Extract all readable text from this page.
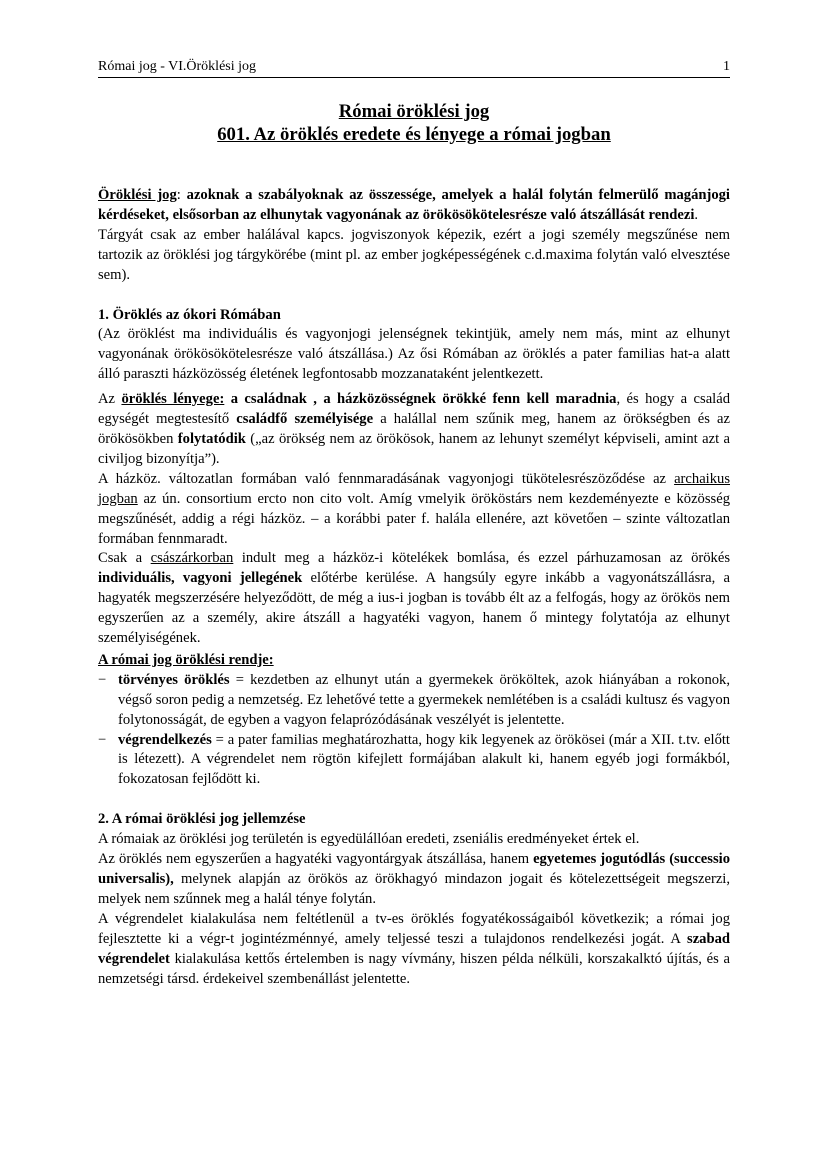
Római jog - VI.Öröklési jog	1
Római öröklési jog
601. Az öröklés eredete és lényege a római jogban

Öröklési jog: azoknak a szabályoknak az összessége, amelyek a halál folytán felmerülő magánjogi kérdéseket, elsősorban az elhunytak vagyonának az örökösökötelesrésze való átszállását rendezi.

Tárgyát csak az ember halálával kapcs. jogviszonyok képezik, ezért a jogi személy megszűnése nem tartozik az öröklési jog tárgykörébe (mint pl. az ember jogképességének c.d.maxima folytán való elvesztése sem).

1. Öröklés az ókori Rómában

(Az öröklést ma individuális és vagyonjogi jelenségnek tekintjük, amely nem más, mint az elhunyt vagyonának örökösökötelesrésze való átszállása.) Az ősi Rómában az öröklés a pater familias hat-a alatt álló paraszti házközösség életének legfontosabb mozzanataként jelentkezett.

Az öröklés lényege: a családnak , a házközösségnek örökké fenn kell maradnia, és hogy a család egységét megtestesítő családfő személyisége a halállal nem szűnik meg, hanem az örökségben és az örökösökben folytatódik („az örökség nem az örökösok, hanem az lehunyt személyt képviseli, amint azt a civiljog bizonyítja”).

A házköz. változatlan formában való fennmaradásának vagyonjogi tükötelesrészöződése az archaikus jogban az ún. consortium ercto non cito volt. Amíg vmelyik örököstárs nem kezdeményezte e közösség megszűnését, addig a régi házköz. – a korábbi pater f. halála ellenére, azt követően – szinte változatlan formában fennmaradt.

Csak a császárkorban indult meg a házköz-i kötelékek bomlása, és ezzel párhuzamosan az örökés individuális, vagyoni jellegének előtérbe kerülése. A hangsúly egyre inkább a vagyonátszállásra, a hagyaték megszerzésére helyeződött, de még a ius-i jogban is tovább élt az a felfogás, hogy az örökös nem egyszerűen az a személy, akire átszáll a hagyatéki vagyon, hanem ő mintegy folytatója az elhunyt személyiségének.

A római jog öröklési rendje:

− törvényes öröklés = kezdetben az elhunyt után a gyermekek örököltek, azok hiányában a rokonok, végső soron pedig a nemzetség. Ez lehetővé tette a gyermekek nemlétében is a családi kultusz és vagyon folytonosságát, de egyben a vagyon felaprózódásának veszélyét is jelentette.
− végrendelkezés = a pater familias meghatározhatta, hogy kik legyenek az örökösei (már a XII. t.tv. előtt is létezett). A végrendelet nem rögtön kifejlett formájában alakult ki, hanem egyéb jogi formákból, fokozatosan fejlődött ki.

2. A római öröklési jog jellemzése

A rómaiak az öröklési jog területén is egyedülállóan eredeti, zseniális eredményeket értek el.

Az öröklés nem egyszerűen a hagyatéki vagyontárgyak átszállása, hanem egyetemes jogutódlás (successio universalis), melynek alapján az örökös az örökhagyó mindazon jogait és kötelezettségeit megszerzi, melyek nem szűnnek meg a halál ténye folytán.

A végrendelet kialakulása nem feltétlenül a tv-es öröklés fogyatékosságaiból következik; a római jog fejlesztette ki a végr-t jogintézménnyé, amely teljessé teszi a tulajdonos rendelkezési jogát. A szabad végrendelet kialakulása kettős értelemben is nagy vívmány, hiszen példa nélküli, korszakalktó újítás, és a nemzetségi társd. érdekeivel szembenállást jelentette.
